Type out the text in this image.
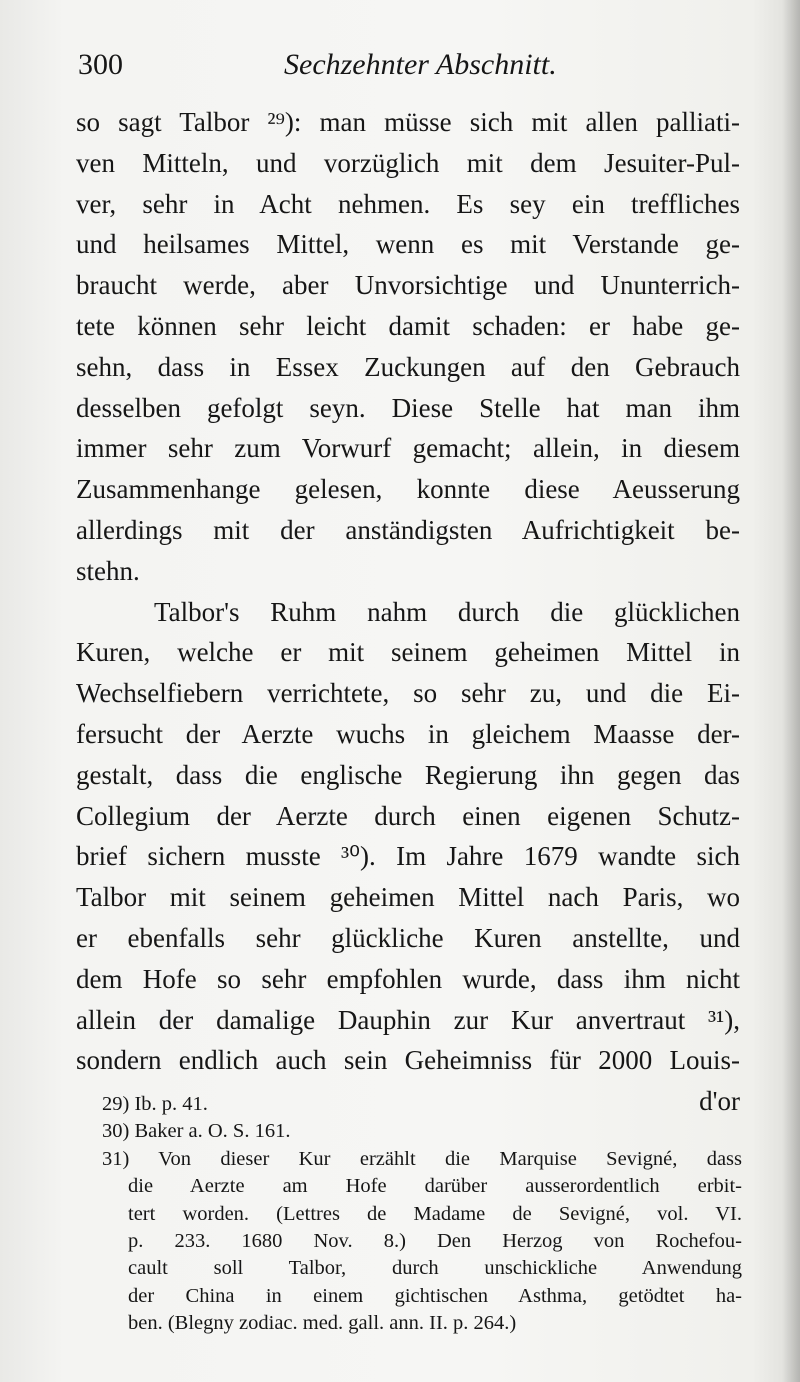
300	Sechzehnter Abschnitt.
so sagt Talbor ²⁹): man müsse sich mit allen palliati-
ven Mitteln, und vorzüglich mit dem Jesuiter-Pul-
ver, sehr in Acht nehmen. Es sey ein treffliches
und heilsames Mittel, wenn es mit Verstande ge-
braucht werde, aber Unvorsichtige und Ununterrich-
tete können sehr leicht damit schaden: er habe ge-
sehn, dass in Essex Zuckungen auf den Gebrauch
desselben gefolgt seyn. Diese Stelle hat man ihm
immer sehr zum Vorwurf gemacht; allein, in diesem
Zusammenhange gelesen, konnte diese Aeusserung
allerdings mit der anständigsten Aufrichtigkeit be-
stehn.
Talbor's Ruhm nahm durch die glücklichen
Kuren, welche er mit seinem geheimen Mittel in
Wechselfiebern verrichtete, so sehr zu, und die Ei-
fersucht der Aerzte wuchs in gleichem Maasse der-
gestalt, dass die englische Regierung ihn gegen das
Collegium der Aerzte durch einen eigenen Schutz-
brief sichern musste ³⁰). Im Jahre 1679 wandte sich
Talbor mit seinem geheimen Mittel nach Paris, wo
er ebenfalls sehr glückliche Kuren anstellte, und
dem Hofe so sehr empfohlen wurde, dass ihm nicht
allein der damalige Dauphin zur Kur anvertraut ³¹),
sondern endlich auch sein Geheimniss für 2000 Louis-
d'or
29) Ib. p. 41.
30) Baker a. O. S. 161.
31) Von dieser Kur erzählt die Marquise Sevigné, dass
die Aerzte am Hofe darüber ausserordentlich erbit-
tert worden. (Lettres de Madame de Sevigné, vol. VI.
p. 233. 1680 Nov. 8.) Den Herzog von Rochefou-
cault soll Talbor, durch unschickliche Anwendung
der China in einem gichtischen Asthma, getödtet ha-
ben. (Blegny zodiac. med. gall. ann. II. p. 264.)
